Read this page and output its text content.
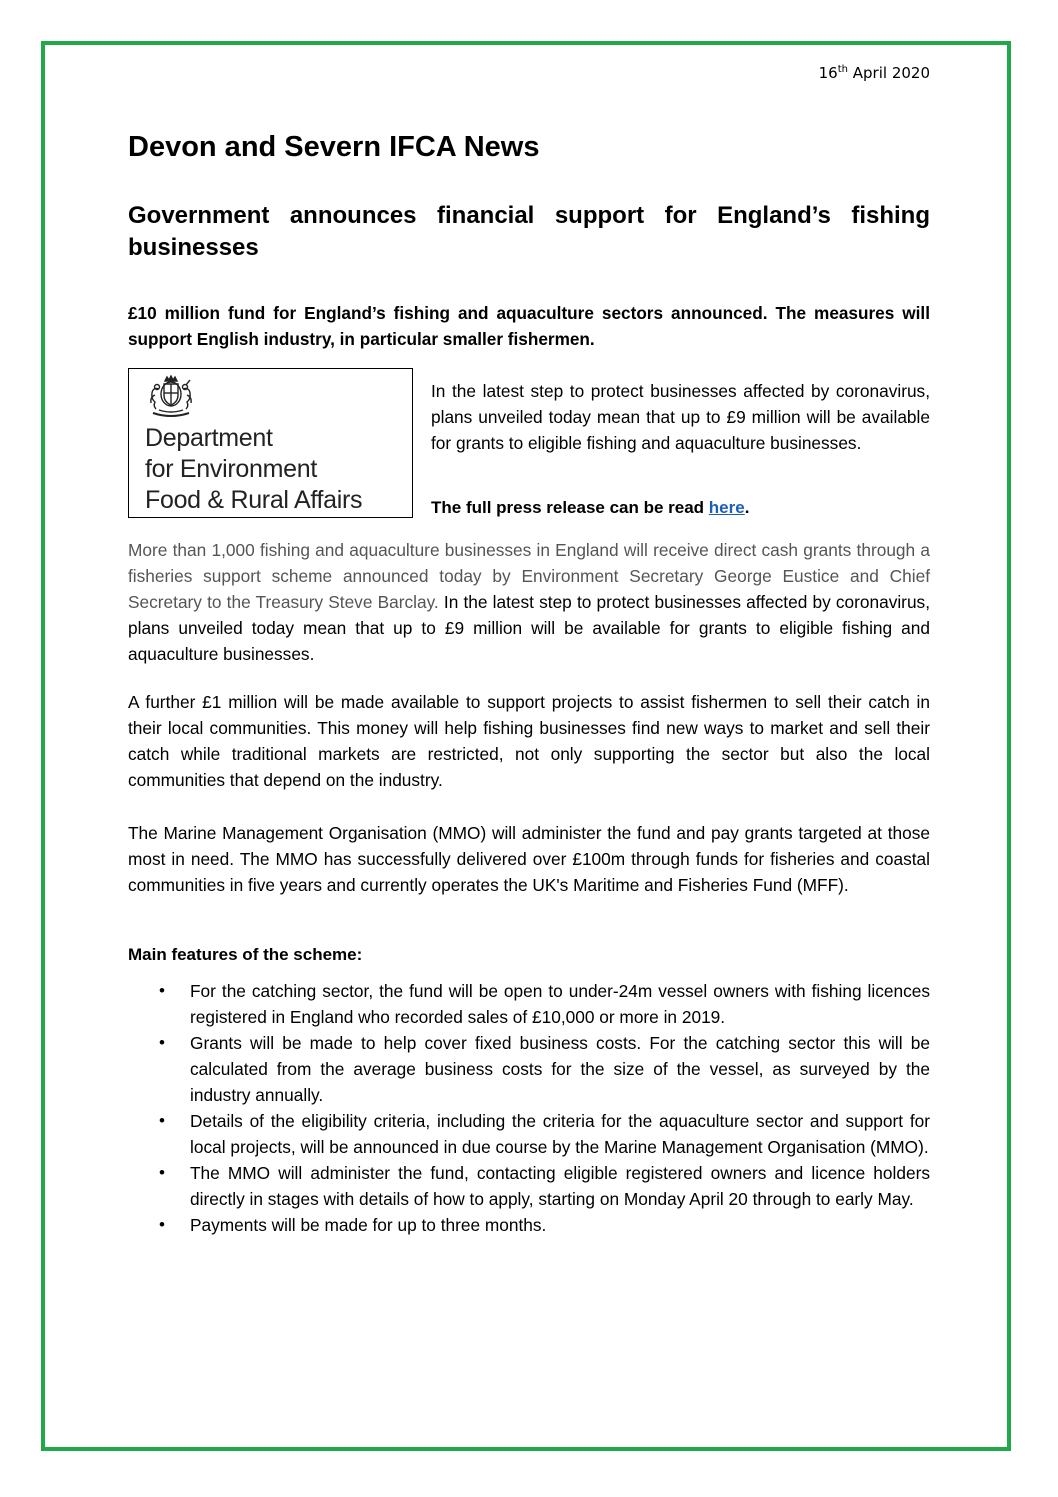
16th April 2020
Devon and Severn IFCA News
Government announces financial support for England’s fishing businesses

£10 million fund for England’s fishing and aquaculture sectors announced. The measures will support English industry, in particular smaller fishermen.

Department
for Environment
Food & Rural Affairs

In the latest step to protect businesses affected by coronavirus, plans unveiled today mean that up to £9 million will be available for grants to eligible fishing and aquaculture businesses.

The full press release can be read here.

More than 1,000 fishing and aquaculture businesses in England will receive direct cash grants through a fisheries support scheme announced today by Environment Secretary George Eustice and Chief Secretary to the Treasury Steve Barclay. In the latest step to protect businesses affected by coronavirus, plans unveiled today mean that up to £9 million will be available for grants to eligible fishing and aquaculture businesses.

A further £1 million will be made available to support projects to assist fishermen to sell their catch in their local communities. This money will help fishing businesses find new ways to market and sell their catch while traditional markets are restricted, not only supporting the sector but also the local communities that depend on the industry.

The Marine Management Organisation (MMO) will administer the fund and pay grants targeted at those most in need. The MMO has successfully delivered over £100m through funds for fisheries and coastal communities in five years and currently operates the UK's Maritime and Fisheries Fund (MFF).

Main features of the scheme:

• For the catching sector, the fund will be open to under-24m vessel owners with fishing licences registered in England who recorded sales of £10,000 or more in 2019.
• Grants will be made to help cover fixed business costs. For the catching sector this will be calculated from the average business costs for the size of the vessel, as surveyed by the industry annually.
• Details of the eligibility criteria, including the criteria for the aquaculture sector and support for local projects, will be announced in due course by the Marine Management Organisation (MMO).
• The MMO will administer the fund, contacting eligible registered owners and licence holders directly in stages with details of how to apply, starting on Monday April 20 through to early May.
• Payments will be made for up to three months.
